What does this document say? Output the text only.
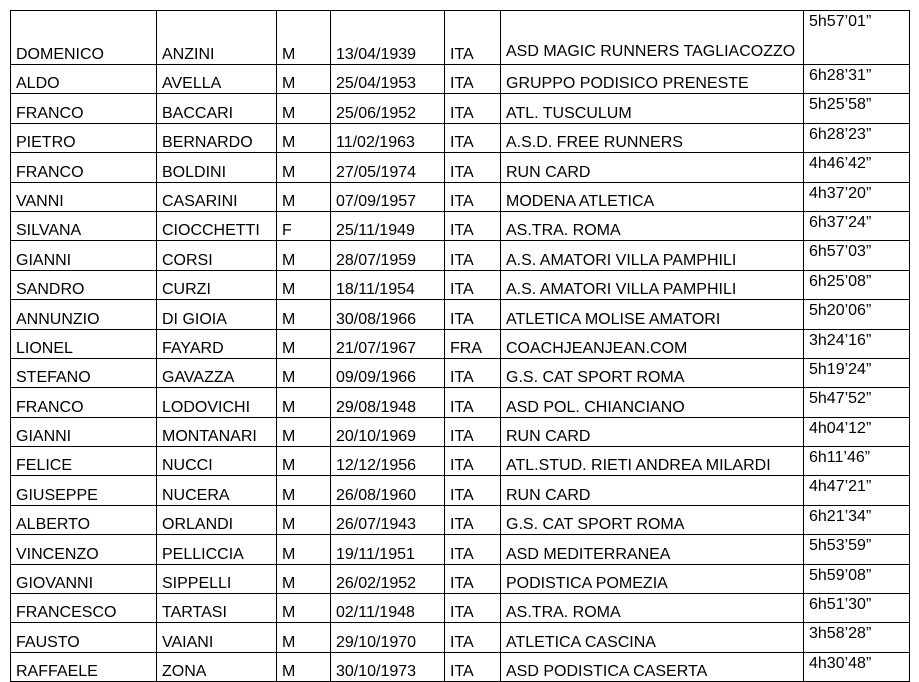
DOMENICO	ANZINI	M	13/04/1939	ITA	ASD MAGIC RUNNERS TAGLIACOZZO	5h57’01”
ALDO	AVELLA	M	25/04/1953	ITA	GRUPPO PODISICO PRENESTE	6h28’31”
FRANCO	BACCARI	M	25/06/1952	ITA	ATL. TUSCULUM	5h25’58”
PIETRO	BERNARDO	M	11/02/1963	ITA	A.S.D. FREE RUNNERS	6h28’23”
FRANCO	BOLDINI	M	27/05/1974	ITA	RUN CARD	4h46’42”
VANNI	CASARINI	M	07/09/1957	ITA	MODENA ATLETICA	4h37’20”
SILVANA	CIOCCHETTI	F	25/11/1949	ITA	AS.TRA. ROMA	6h37’24”
GIANNI	CORSI	M	28/07/1959	ITA	A.S. AMATORI VILLA PAMPHILI	6h57’03”
SANDRO	CURZI	M	18/11/1954	ITA	A.S. AMATORI VILLA PAMPHILI	6h25’08”
ANNUNZIO	DI GIOIA	M	30/08/1966	ITA	ATLETICA MOLISE AMATORI	5h20’06”
LIONEL	FAYARD	M	21/07/1967	FRA	COACHJEANJEAN.COM	3h24’16”
STEFANO	GAVAZZA	M	09/09/1966	ITA	G.S. CAT SPORT ROMA	5h19’24”
FRANCO	LODOVICHI	M	29/08/1948	ITA	ASD POL. CHIANCIANO	5h47’52”
GIANNI	MONTANARI	M	20/10/1969	ITA	RUN CARD	4h04’12”
FELICE	NUCCI	M	12/12/1956	ITA	ATL.STUD. RIETI ANDREA MILARDI	6h11’46”
GIUSEPPE	NUCERA	M	26/08/1960	ITA	RUN CARD	4h47’21”
ALBERTO	ORLANDI	M	26/07/1943	ITA	G.S. CAT SPORT ROMA	6h21’34”
VINCENZO	PELLICCIA	M	19/11/1951	ITA	ASD MEDITERRANEA	5h53’59”
GIOVANNI	SIPPELLI	M	26/02/1952	ITA	PODISTICA POMEZIA	5h59’08”
FRANCESCO	TARTASI	M	02/11/1948	ITA	AS.TRA. ROMA	6h51’30”
FAUSTO	VAIANI	M	29/10/1970	ITA	ATLETICA CASCINA	3h58’28”
RAFFAELE	ZONA	M	30/10/1973	ITA	ASD PODISTICA CASERTA	4h30’48”
